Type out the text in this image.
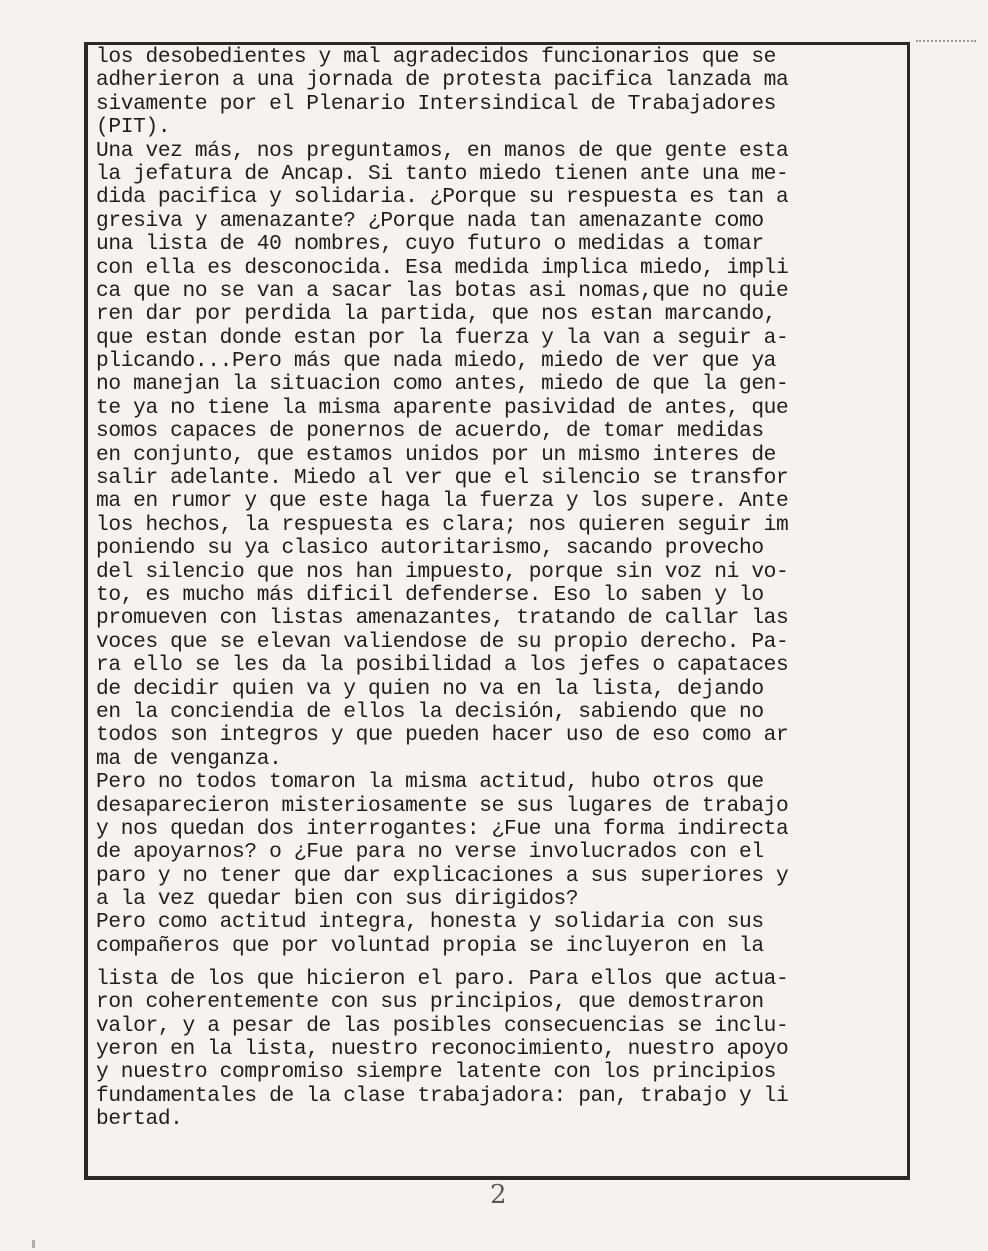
los desobedientes y mal agradecidos funcionarios que se
adherieron a una jornada de protesta pacifica lanzada ma
sivamente por el Plenario Intersindical de Trabajadores
(PIT).
Una vez más, nos preguntamos, en manos de que gente esta
la jefatura de Ancap. Si tanto miedo tienen ante una me-
dida pacifica y solidaria. ¿Porque su respuesta es tan a
gresiva y amenazante? ¿Porque nada tan amenazante como
una lista de 40 nombres, cuyo futuro o medidas a tomar
con ella es desconocida. Esa medida implica miedo, impli
ca que no se van a sacar las botas asi nomas,que no quie
ren dar por perdida la partida, que nos estan marcando,
que estan donde estan por la fuerza y la van a seguir a-
plicando...Pero más que nada miedo, miedo de ver que ya
no manejan la situacion como antes, miedo de que la gen-
te ya no tiene la misma aparente pasividad de antes, que
somos capaces de ponernos de acuerdo, de tomar medidas
en conjunto, que estamos unidos por un mismo interes de
salir adelante. Miedo al ver que el silencio se transfor
ma en rumor y que este haga la fuerza y los supere. Ante
los hechos, la respuesta es clara; nos quieren seguir im
poniendo su ya clasico autoritarismo, sacando provecho
del silencio que nos han impuesto, porque sin voz ni vo-
to, es mucho más dificil defenderse. Eso lo saben y lo
promueven con listas amenazantes, tratando de callar las
voces que se elevan valiendose de su propio derecho. Pa-
ra ello se les da la posibilidad a los jefes o capataces
de decidir quien va y quien no va en la lista, dejando
en la conciendia de ellos la decisión, sabiendo que no
todos son integros y que pueden hacer uso de eso como ar
ma de venganza.
Pero no todos tomaron la misma actitud, hubo otros que
desaparecieron misteriosamente se sus lugares de trabajo
y nos quedan dos interrogantes: ¿Fue una forma indirecta
de apoyarnos? o ¿Fue para no verse involucrados con el
paro y no tener que dar explicaciones a sus superiores y
a la vez quedar bien con sus dirigidos?
Pero como actitud integra, honesta y solidaria con sus
compañeros que por voluntad propia se incluyeron en la
lista de los que hicieron el paro. Para ellos que actua-
ron coherentemente con sus principios, que demostraron
valor, y a pesar de las posibles consecuencias se inclu-
yeron en la lista, nuestro reconocimiento, nuestro apoyo
y nuestro compromiso siempre latente con los principios
fundamentales de la clase trabajadora: pan, trabajo y li
bertad.
2
